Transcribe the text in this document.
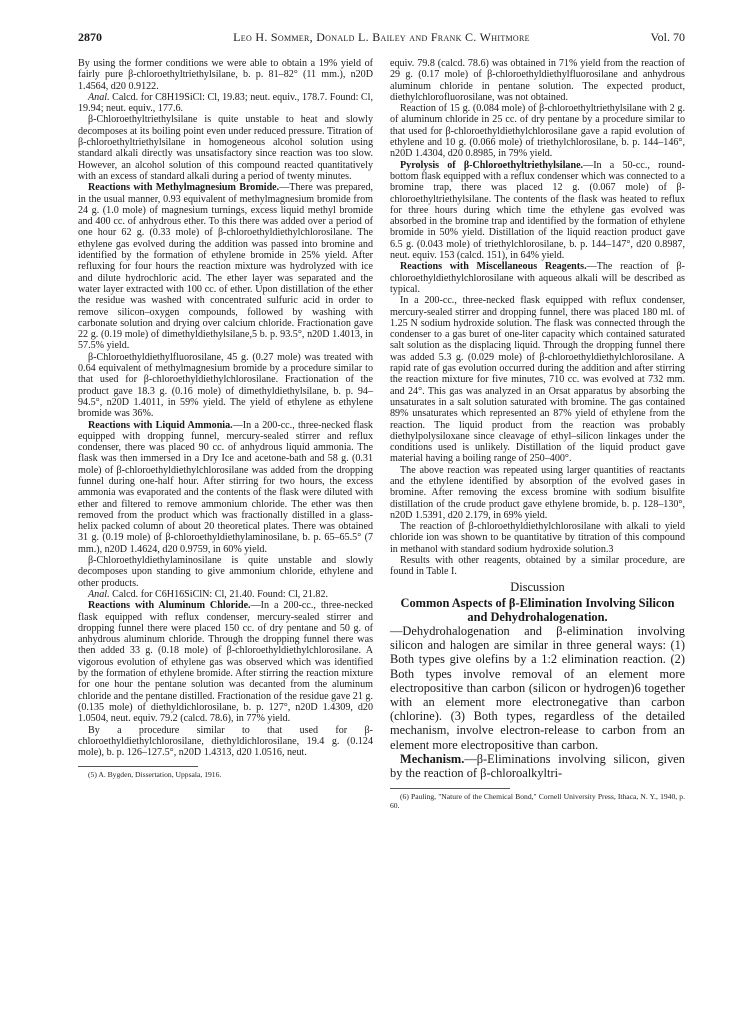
2870	Leo H. Sommer, Donald L. Bailey and Frank C. Whitmore	Vol. 70

By using the former conditions we were able to obtain a 19% yield of fairly pure β-chloroethyltriethylsilane, b. p. 81–82° (11 mm.), n20D 1.4564, d20 0.9122.

Anal. Calcd. for C8H19SiCl: Cl, 19.83; neut. equiv., 178.7. Found: Cl, 19.94; neut. equiv., 177.6.

β-Chloroethyltriethylsilane is quite unstable to heat and slowly decomposes at its boiling point even under reduced pressure. Titration of β-chloroethyltriethylsilane in homogeneous alcohol solution using standard alkali directly was unsatisfactory since reaction was too slow. However, an alcohol solution of this compound reacted quantitatively with an excess of standard alkali during a period of twenty minutes.

Reactions with Methylmagnesium Bromide.—There was prepared, in the usual manner, 0.93 equivalent of methylmagnesium bromide from 24 g. (1.0 mole) of magnesium turnings, excess liquid methyl bromide and 400 cc. of anhydrous ether. To this there was added over a period of one hour 62 g. (0.33 mole) of β-chloroethyldiethylchlorosilane. The ethylene gas evolved during the addition was passed into bromine and identified by the formation of ethylene bromide in 25% yield. After refluxing for four hours the reaction mixture was hydrolyzed with ice and dilute hydrochloric acid. The ether layer was separated and the water layer extracted with 100 cc. of ether. Upon distillation of the ether the residue was washed with concentrated sulfuric acid in order to remove silicon–oxygen compounds, followed by washing with carbonate solution and drying over calcium chloride. Fractionation gave 22 g. (0.19 mole) of dimethyldiethylsilane,5 b. p. 93.5°, n20D 1.4013, in 57.5% yield.

β-Chloroethyldiethylfluorosilane, 45 g. (0.27 mole) was treated with 0.64 equivalent of methylmagnesium bromide by a procedure similar to that used for β-chloroethyldiethylchlorosilane. Fractionation of the product gave 18.3 g. (0.16 mole) of dimethyldiethylsilane, b. p. 94–94.5°, n20D 1.4011, in 59% yield. The yield of ethylene as ethylene bromide was 36%.

Reactions with Liquid Ammonia.—In a 200-cc., three-necked flask equipped with dropping funnel, mercury-sealed stirrer and reflux condenser, there was placed 90 cc. of anhydrous liquid ammonia. The flask was then immersed in a Dry Ice and acetone-bath and 58 g. (0.31 mole) of β-chloroethyldiethylchlorosilane was added from the dropping funnel during one-half hour. After stirring for two hours, the excess ammonia was evaporated and the contents of the flask were diluted with ether and filtered to remove ammonium chloride. The ether was then removed from the product which was fractionally distilled in a glass-helix packed column of about 20 theoretical plates. There was obtained 31 g. (0.19 mole) of β-chloroethyldiethylaminosilane, b. p. 65–65.5° (7 mm.), n20D 1.4624, d20 0.9759, in 60% yield.

β-Chloroethyldiethylaminosilane is quite unstable and slowly decomposes upon standing to give ammonium chloride, ethylene and other products.

Anal. Calcd. for C6H16SiClN: Cl, 21.40. Found: Cl, 21.82.

Reactions with Aluminum Chloride.—In a 200-cc., three-necked flask equipped with reflux condenser, mercury-sealed stirrer and dropping funnel there were placed 150 cc. of dry pentane and 50 g. of anhydrous aluminum chloride. Through the dropping funnel there was then added 33 g. (0.18 mole) of β-chloroethyldiethylchlorosilane. A vigorous evolution of ethylene gas was observed which was identified by the formation of ethylene bromide. After stirring the reaction mixture for one hour the pentane solution was decanted from the aluminum chloride and the pentane distilled. Fractionation of the residue gave 21 g. (0.135 mole) of diethyldichlorosilane, b. p. 127°, n20D 1.4309, d20 1.0504, neut. equiv. 79.2 (calcd. 78.6), in 77% yield.

By a procedure similar to that used for β-chloroethyldiethylchlorosilane, diethyldichlorosilane, 19.4 g. (0.124 mole), b. p. 126–127.5°, n20D 1.4313, d20 1.0516, neut.

(5) A. Bygden, Dissertation, Uppsala, 1916.

equiv. 79.8 (calcd. 78.6) was obtained in 71% yield from the reaction of 29 g. (0.17 mole) of β-chloroethyldiethylfluorosilane and anhydrous aluminum chloride in pentane solution. The expected product, diethylchlorofluorosilane, was not obtained.

Reaction of 15 g. (0.084 mole) of β-chloroethyltriethylsilane with 2 g. of aluminum chloride in 25 cc. of dry pentane by a procedure similar to that used for β-chloroethyldiethylchlorosilane gave a rapid evolution of ethylene and 10 g. (0.066 mole) of triethylchlorosilane, b. p. 144–146°, n20D 1.4304, d20 0.8985, in 79% yield.

Pyrolysis of β-Chloroethyltriethylsilane.—In a 50-cc., round-bottom flask equipped with a reflux condenser which was connected to a bromine trap, there was placed 12 g. (0.067 mole) of β-chloroethyltriethylsilane. The contents of the flask was heated to reflux for three hours during which time the ethylene gas evolved was absorbed in the bromine trap and identified by the formation of ethylene bromide in 50% yield. Distillation of the liquid reaction product gave 6.5 g. (0.043 mole) of triethylchlorosilane, b. p. 144–147°, d20 0.8987, neut. equiv. 153 (calcd. 151), in 64% yield.

Reactions with Miscellaneous Reagents.—The reaction of β-chloroethyldiethylchlorosilane with aqueous alkali will be described as typical.

In a 200-cc., three-necked flask equipped with reflux condenser, mercury-sealed stirrer and dropping funnel, there was placed 180 ml. of 1.25 N sodium hydroxide solution. The flask was connected through the condenser to a gas buret of one-liter capacity which contained saturated salt solution as the displacing liquid. Through the dropping funnel there was added 5.3 g. (0.029 mole) of β-chloroethyldiethylchlorosilane. A rapid rate of gas evolution occurred during the addition and after stirring the reaction mixture for five minutes, 710 cc. was evolved at 732 mm. and 24°. This gas was analyzed in an Orsat apparatus by absorbing the unsaturates in a salt solution saturated with bromine. The gas contained 89% unsaturates which represented an 87% yield of ethylene from the reaction. The liquid product from the reaction was probably diethylpolysiloxane since cleavage of ethyl–silicon linkages under the conditions used is unlikely. Distillation of the liquid product gave material having a boiling range of 250–400°.

The above reaction was repeated using larger quantities of reactants and the ethylene identified by absorption of the evolved gases in bromine. After removing the excess bromine with sodium bisulfite distillation of the crude product gave ethylene bromide, b. p. 128–130°, n20D 1.5391, d20 2.179, in 69% yield.

The reaction of β-chloroethyldiethylchlorosilane with alkali to yield chloride ion was shown to be quantitative by titration of this compound in methanol with standard sodium hydroxide solution.3

Results with other reagents, obtained by a similar procedure, are found in Table I.

Discussion
Common Aspects of β-Elimination Involving Silicon and Dehydrohalogenation.

—Dehydrohalogenation and β-elimination involving silicon and halogen are similar in three general ways: (1) Both types give olefins by a 1:2 elimination reaction. (2) Both types involve removal of an element more electropositive than carbon (silicon or hydrogen)6 together with an element more electronegative than carbon (chlorine). (3) Both types, regardless of the detailed mechanism, involve electron-release to carbon from an element more electropositive than carbon.

Mechanism.—β-Eliminations involving silicon, given by the reaction of β-chloroalkyltri-

(6) Pauling, "Nature of the Chemical Bond," Cornell University Press, Ithaca, N. Y., 1940, p. 60.
